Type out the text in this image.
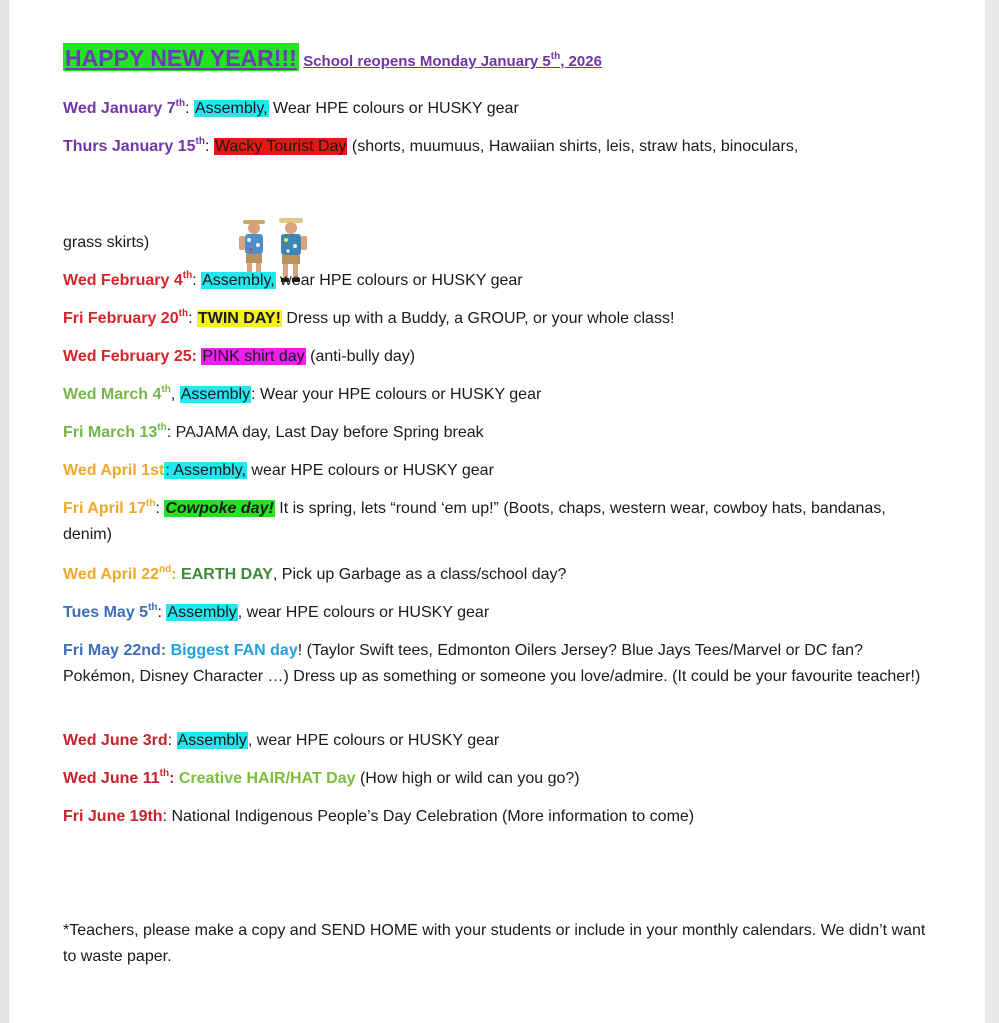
HAPPY NEW YEAR!!! School reopens Monday January 5th, 2026
Wed January 7th: Assembly, Wear HPE colours or HUSKY gear
Thurs January 15th: Wacky Tourist Day (shorts, muumuus, Hawaiian shirts, leis, straw hats, binoculars,
grass skirts)
Wed February 4th: Assembly, wear HPE colours or HUSKY gear
Fri February 20th: TWIN DAY! Dress up with a Buddy, a GROUP, or your whole class!
Wed February 25: PINK shirt day (anti-bully day)
Wed March 4th, Assembly: Wear your HPE colours or HUSKY gear
Fri March 13th: PAJAMA day, Last Day before Spring break
Wed April 1st: Assembly, wear HPE colours or HUSKY gear
Fri April 17th: Cowpoke day! It is spring, lets “round ‘em up!” (Boots, chaps, western wear, cowboy hats, bandanas, denim)
Wed April 22nd: EARTH DAY, Pick up Garbage as a class/school day?
Tues May 5th: Assembly, wear HPE colours or HUSKY gear
Fri May 22nd: Biggest FAN day! (Taylor Swift tees, Edmonton Oilers Jersey? Blue Jays Tees/Marvel or DC fan? Pokémon, Disney Character …) Dress up as something or someone you love/admire. (It could be your favourite teacher!)
Wed June 3rd: Assembly, wear HPE colours or HUSKY gear
Wed June 11th: Creative HAIR/HAT Day (How high or wild can you go?)
Fri June 19th: National Indigenous People’s Day Celebration (More information to come)
*Teachers, please make a copy and SEND HOME with your students or include in your monthly calendars. We didn’t want to waste paper.
